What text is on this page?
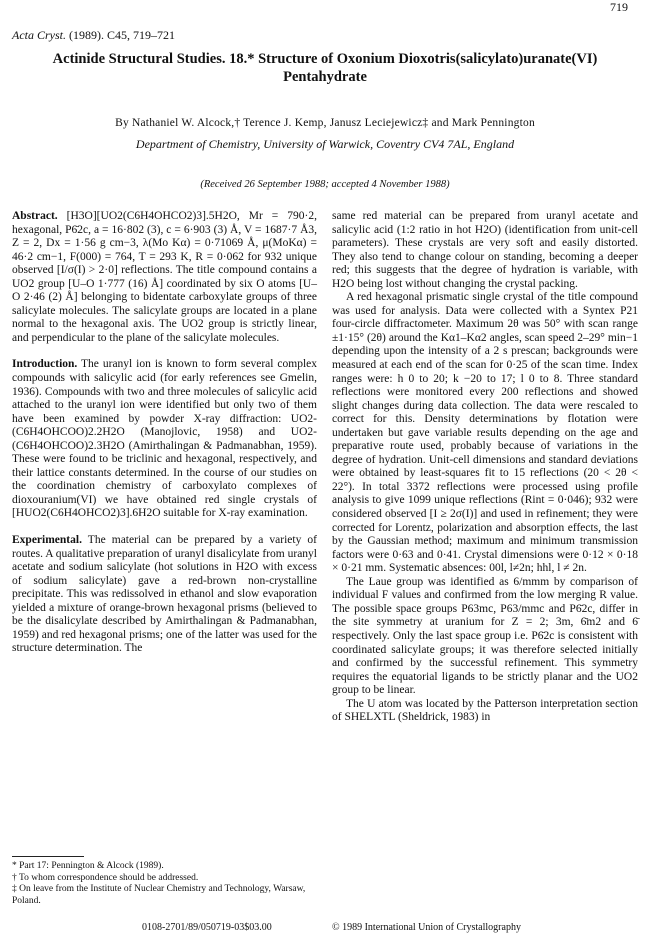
719
Acta Cryst. (1989). C45, 719–721
Actinide Structural Studies. 18.* Structure of Oxonium Dioxotris(salicylato)uranate(VI)
Pentahydrate
By Nathaniel W. Alcock,† Terence J. Kemp, Janusz Leciejewicz‡ and Mark Pennington
Department of Chemistry, University of Warwick, Coventry CV4 7AL, England
(Received 26 September 1988; accepted 4 November 1988)

Abstract. [H3O][UO2(C6H4OHCO2)3].5H2O, Mr = 790·2, hexagonal, P6̄2c, a = 16·802 (3), c = 6·903 (3) Å, V = 1687·7 Å3, Z = 2, Dx = 1·56 g cm−3, λ(Mo Kα) = 0·71069 Å, μ(MoKα) = 46·2 cm−1, F(000) = 764, T = 293 K, R = 0·062 for 932 unique observed [I/σ(I) > 2·0] reflections. The title compound contains a UO2 group [U–O 1·777 (16) Å] coordinated by six O atoms [U–O 2·46 (2) Å] belonging to bidentate carboxylate groups of three salicylate molecules. The salicylate groups are located in a plane normal to the hexagonal axis. The UO2 group is strictly linear, and perpendicular to the plane of the salicylate molecules.

Introduction. The uranyl ion is known to form several complex compounds with salicylic acid (for early references see Gmelin, 1936). Compounds with two and three molecules of salicylic acid attached to the uranyl ion were identified but only two of them have been examined by powder X-ray diffraction: UO2-(C6H4OHCOO)2.2H2O (Manojlovic, 1958) and UO2-(C6H4OHCOO)2.3H2O (Amirthalingan & Padmanabhan, 1959). These were found to be triclinic and hexagonal, respectively, and their lattice constants determined. In the course of our studies on the coordination chemistry of carboxylato complexes of dioxouranium(VI) we have obtained red single crystals of [HUO2(C6H4OHCO2)3].6H2O suitable for X-ray examination.

Experimental. The material can be prepared by a variety of routes. A qualitative preparation of uranyl disalicylate from uranyl acetate and sodium salicylate (hot solutions in H2O with excess of sodium salicylate) gave a red-brown non-crystalline precipitate. This was redissolved in ethanol and slow evaporation yielded a mixture of orange-brown hexagonal prisms (believed to be the disalicylate described by Amirthalingan & Padmanabhan, 1959) and red hexagonal prisms; one of the latter was used for the structure determination. The

same red material can be prepared from uranyl acetate and salicylic acid (1:2 ratio in hot H2O) (identification from unit-cell parameters). These crystals are very soft and easily distorted. They also tend to change colour on standing, becoming a deeper red; this suggests that the degree of hydration is variable, with H2O being lost without changing the crystal packing.

A red hexagonal prismatic single crystal of the title compound was used for analysis. Data were collected with a Syntex P21 four-circle diffractometer. Maximum 2θ was 50° with scan range ±1·15° (2θ) around the Kα1–Kα2 angles, scan speed 2–29° min−1 depending upon the intensity of a 2 s prescan; backgrounds were measured at each end of the scan for 0·25 of the scan time. Index ranges were: h 0 to 20; k −20 to 17; l 0 to 8. Three standard reflections were monitored every 200 reflections and showed slight changes during data collection. The data were rescaled to correct for this. Density determinations by flotation were undertaken but gave variable results depending on the age and preparative route used, probably because of variations in the degree of hydration. Unit-cell dimensions and standard deviations were obtained by least-squares fit to 15 reflections (20 < 2θ < 22°). In total 3372 reflections were processed using profile analysis to give 1099 unique reflections (Rint = 0·046); 932 were considered observed [I ≥ 2σ(I)] and used in refinement; they were corrected for Lorentz, polarization and absorption effects, the last by the Gaussian method; maximum and minimum transmission factors were 0·63 and 0·41. Crystal dimensions were 0·12 × 0·18 × 0·21 mm. Systematic absences: 00l, l≠2n; hhl, l ≠ 2n.

The Laue group was identified as 6/mmm by comparison of individual F values and confirmed from the low merging R value. The possible space groups P63mc, P63/mmc and P6̄2c, differ in the site symmetry at uranium for Z = 2; 3m, 6̄m2 and 6̄ respectively. Only the last space group i.e. P6̄2c is consistent with coordinated salicylate groups; it was therefore selected initially and confirmed by the successful refinement. This symmetry requires the equatorial ligands to be strictly planar and the UO2 group to be linear.

The U atom was located by the Patterson interpretation section of SHELXTL (Sheldrick, 1983) in

* Part 17: Pennington & Alcock (1989).

† To whom correspondence should be addressed.

‡ On leave from the Institute of Nuclear Chemistry and Technology, Warsaw, Poland.

0108-2701/89/050719-03$03.00	© 1989 International Union of Crystallography
